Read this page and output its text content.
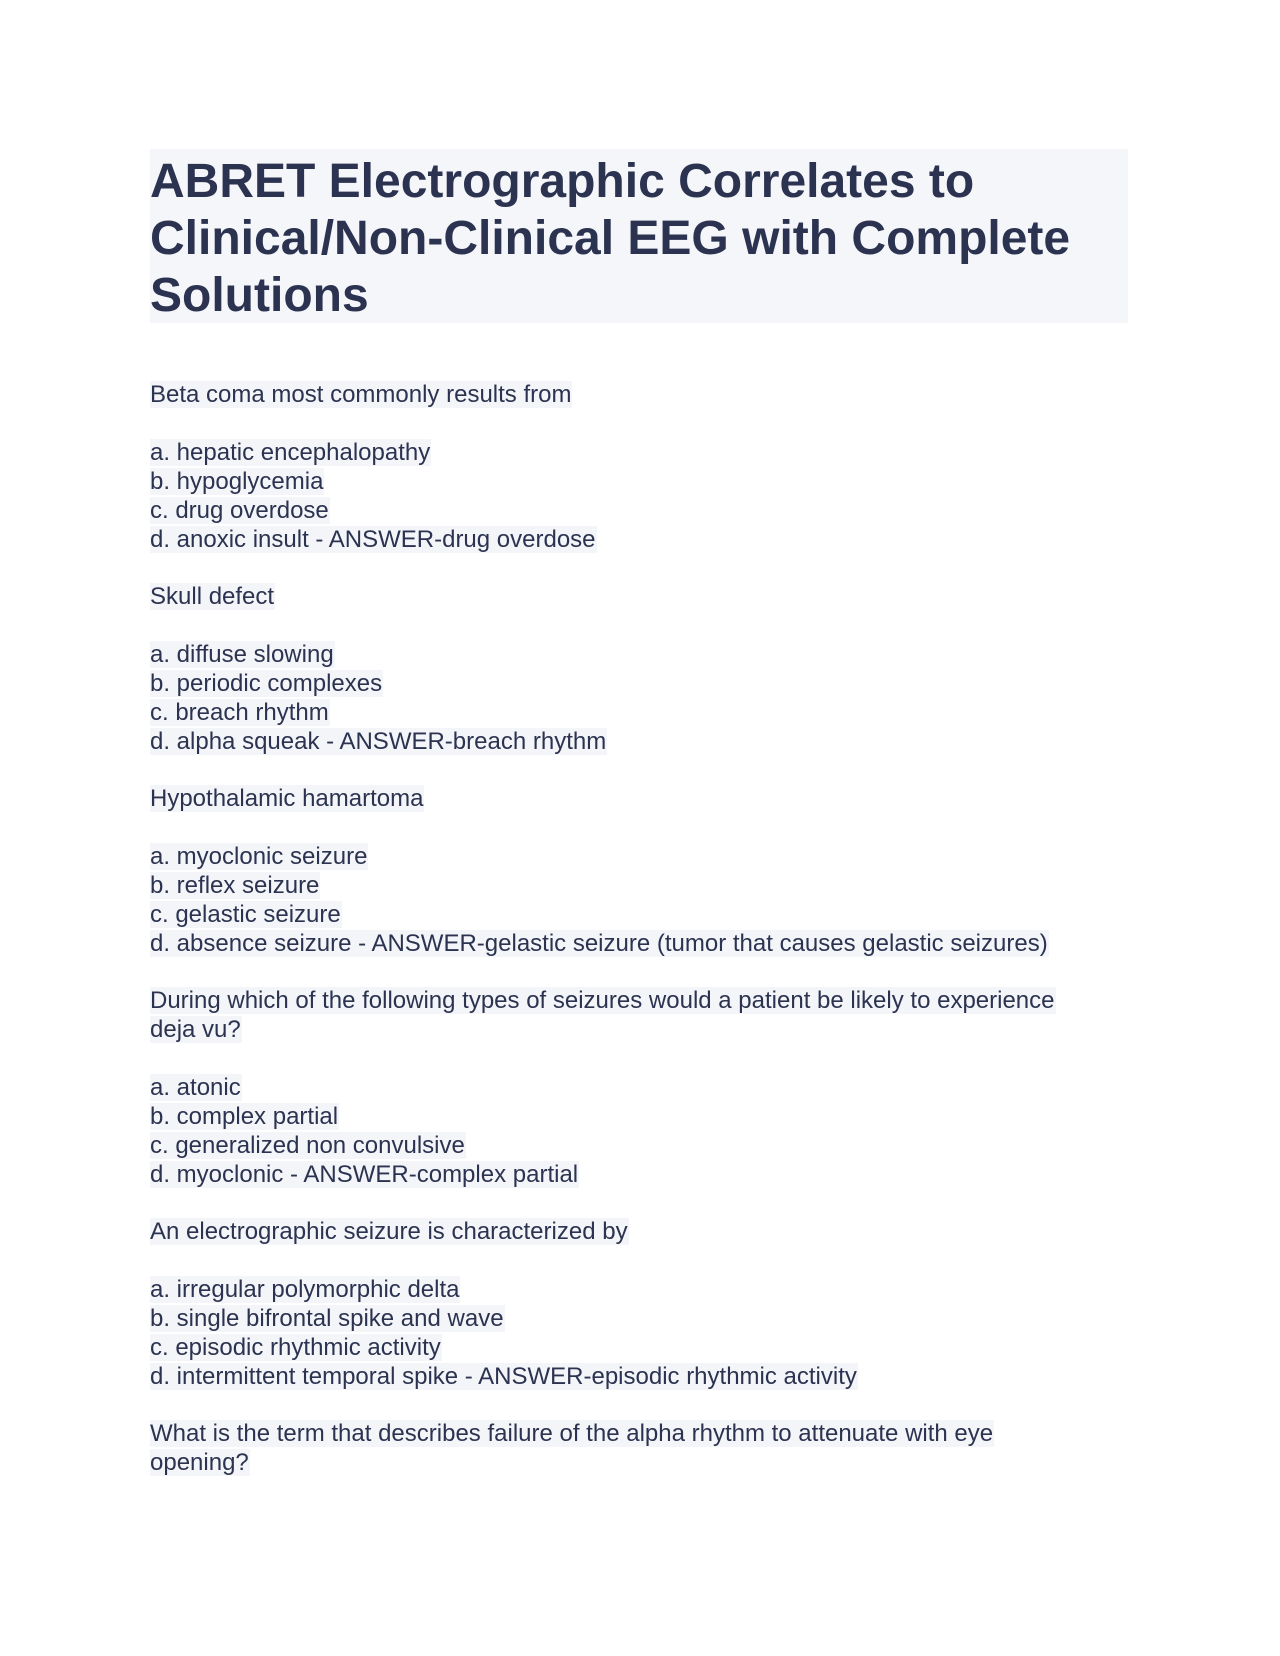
ABRET Electrographic Correlates to Clinical/Non-Clinical EEG with Complete Solutions
Beta coma most commonly results from
a. hepatic encephalopathy
b. hypoglycemia
c. drug overdose
d. anoxic insult - ANSWER-drug overdose
Skull defect
a. diffuse slowing
b. periodic complexes
c. breach rhythm
d. alpha squeak - ANSWER-breach rhythm
Hypothalamic hamartoma
a. myoclonic seizure
b. reflex seizure
c. gelastic seizure
d. absence seizure - ANSWER-gelastic seizure (tumor that causes gelastic seizures)
During which of the following types of seizures would a patient be likely to experience
deja vu?
a. atonic
b. complex partial
c. generalized non convulsive
d. myoclonic - ANSWER-complex partial
An electrographic seizure is characterized by
a. irregular polymorphic delta
b. single bifrontal spike and wave
c. episodic rhythmic activity
d. intermittent temporal spike - ANSWER-episodic rhythmic activity
What is the term that describes failure of the alpha rhythm to attenuate with eye
opening?
